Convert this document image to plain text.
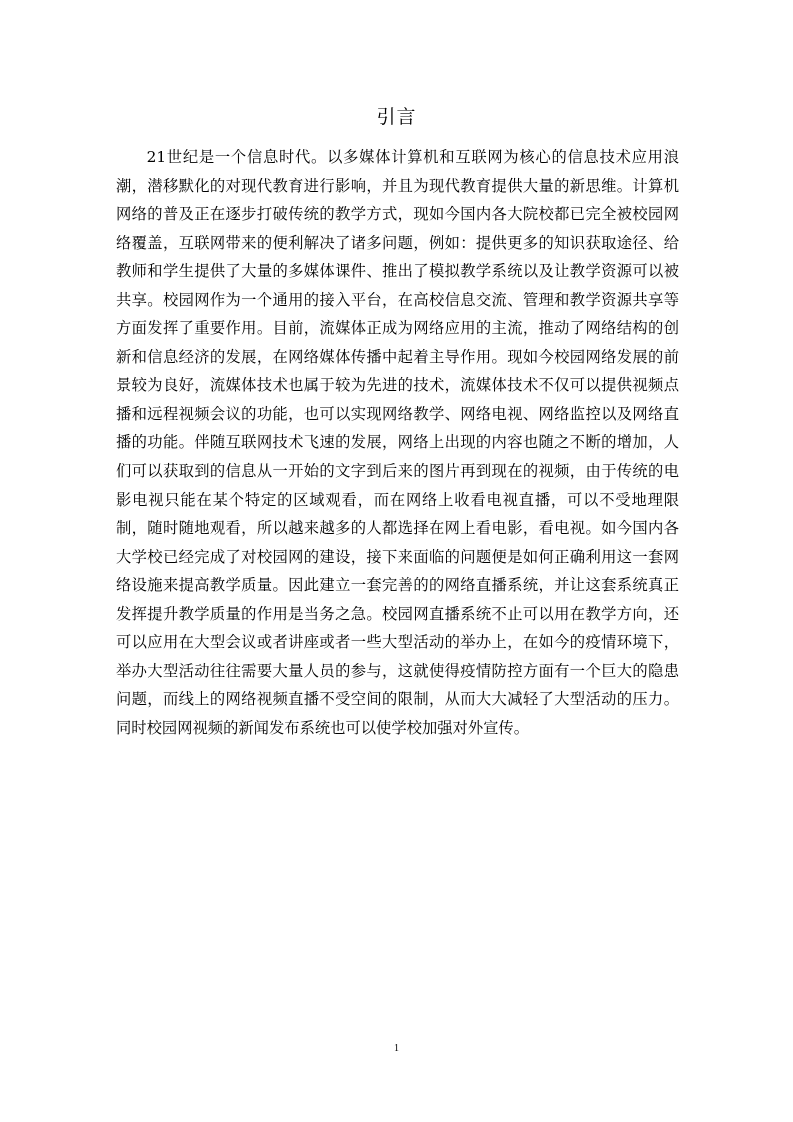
引言

21世纪是一个信息时代。以多媒体计算机和互联网为核心的信息技术应用浪潮，潜移默化的对现代教育进行影响，并且为现代教育提供大量的新思维。计算机网络的普及正在逐步打破传统的教学方式，现如今国内各大院校都已完全被校园网络覆盖，互联网带来的便利解决了诸多问题，例如：提供更多的知识获取途径、给教师和学生提供了大量的多媒体课件、推出了模拟教学系统以及让教学资源可以被共享。校园网作为一个通用的接入平台，在高校信息交流、管理和教学资源共享等方面发挥了重要作用。目前，流媒体正成为网络应用的主流，推动了网络结构的创新和信息经济的发展，在网络媒体传播中起着主导作用。现如今校园网络发展的前景较为良好，流媒体技术也属于较为先进的技术，流媒体技术不仅可以提供视频点播和远程视频会议的功能，也可以实现网络教学、网络电视、网络监控以及网络直播的功能。伴随互联网技术飞速的发展，网络上出现的内容也随之不断的增加，人们可以获取到的信息从一开始的文字到后来的图片再到现在的视频，由于传统的电影电视只能在某个特定的区域观看，而在网络上收看电视直播，可以不受地理限制，随时随地观看，所以越来越多的人都选择在网上看电影，看电视。如今国内各大学校已经完成了对校园网的建设，接下来面临的问题便是如何正确利用这一套网络设施来提高教学质量。因此建立一套完善的的网络直播系统，并让这套系统真正发挥提升教学质量的作用是当务之急。校园网直播系统不止可以用在教学方向，还可以应用在大型会议或者讲座或者一些大型活动的举办上，在如今的疫情环境下，举办大型活动往往需要大量人员的参与，这就使得疫情防控方面有一个巨大的隐患问题，而线上的网络视频直播不受空间的限制，从而大大减轻了大型活动的压力。同时校园网视频的新闻发布系统也可以使学校加强对外宣传。

1
